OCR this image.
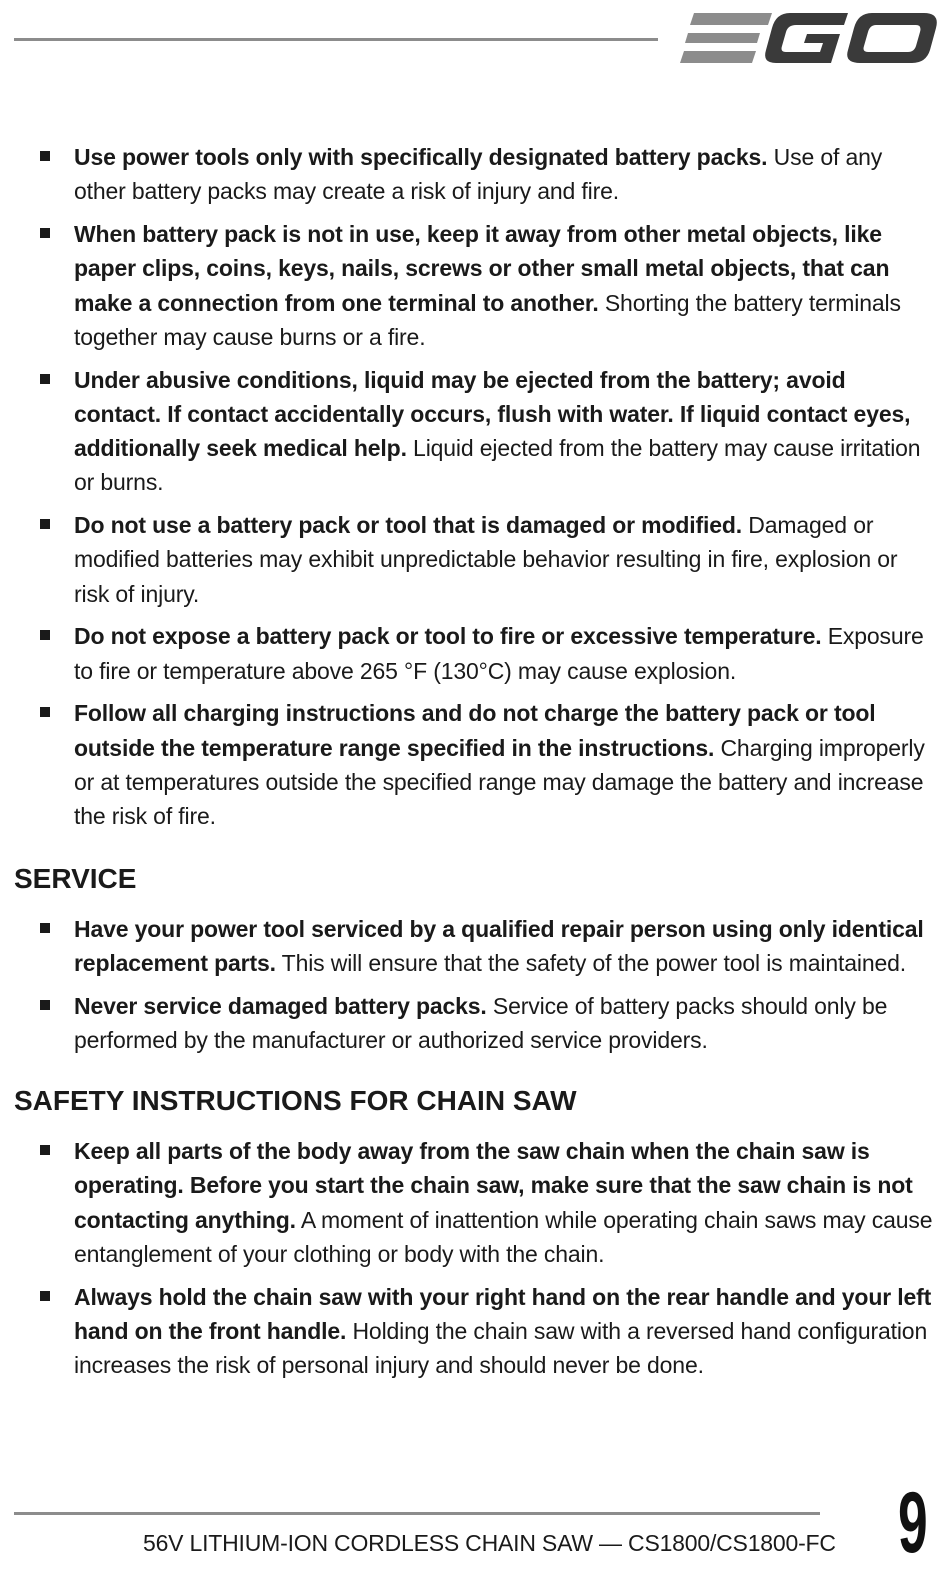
Use power tools only with specifically designated battery packs. Use of any other battery packs may create a risk of injury and fire.
When battery pack is not in use, keep it away from other metal objects, like paper clips, coins, keys, nails, screws or other small metal objects, that can make a connection from one terminal to another. Shorting the battery terminals together may cause burns or a fire.
Under abusive conditions, liquid may be ejected from the battery; avoid contact. If contact accidentally occurs, flush with water. If liquid contact eyes, additionally seek medical help. Liquid ejected from the battery may cause irritation or burns.
Do not use a battery pack or tool that is damaged or modified. Damaged or modified batteries may exhibit unpredictable behavior resulting in fire, explosion or risk of injury.
Do not expose a battery pack or tool to fire or excessive temperature. Exposure to fire or temperature above 265 °F (130°C) may cause explosion.
Follow all charging instructions and do not charge the battery pack or tool outside the temperature range specified in the instructions. Charging improperly or at temperatures outside the specified range may damage the battery and increase the risk of fire.
SERVICE
Have your power tool serviced by a qualified repair person using only identical replacement parts. This will ensure that the safety of the power tool is maintained.
Never service damaged battery packs. Service of battery packs should only be performed by the manufacturer or authorized service providers.
SAFETY INSTRUCTIONS FOR CHAIN SAW
Keep all parts of the body away from the saw chain when the chain saw is operating. Before you start the chain saw, make sure that the saw chain is not contacting anything. A moment of inattention while operating chain saws may cause entanglement of your clothing or body with the chain.
Always hold the chain saw with your right hand on the rear handle and your left hand on the front handle. Holding the chain saw with a reversed hand configuration increases the risk of personal injury and should never be done.
56V LITHIUM-ION CORDLESS CHAIN SAW — CS1800/CS1800-FC 9
